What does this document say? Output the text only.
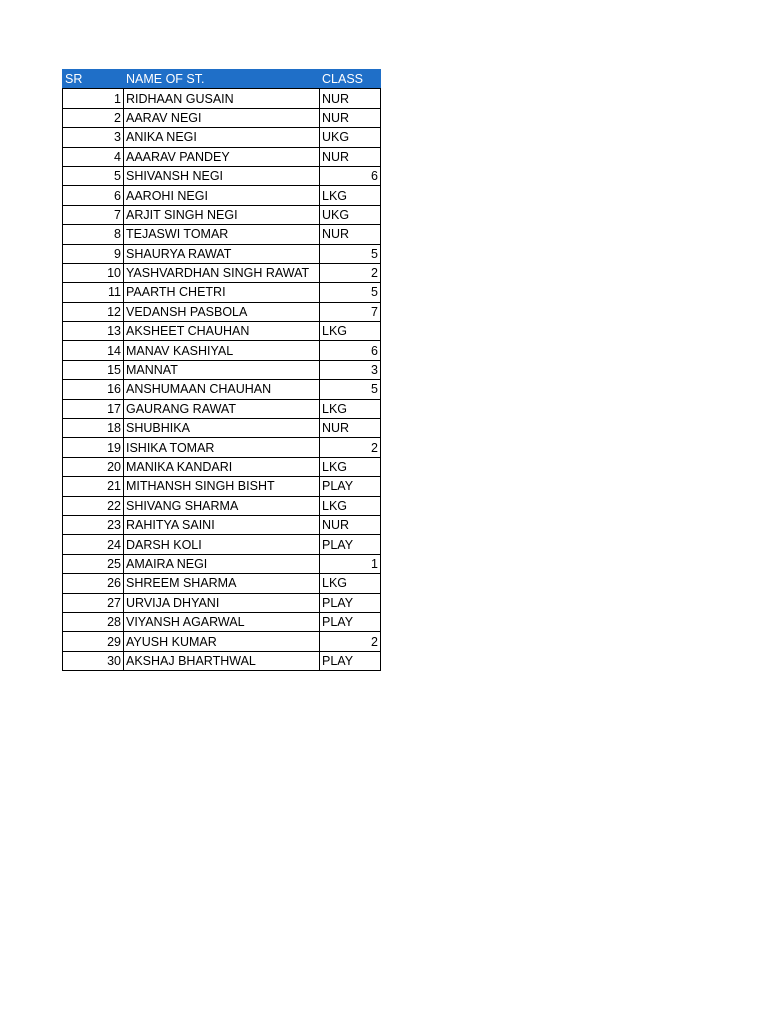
SR	NAME OF ST.	CLASS
1	RIDHAAN GUSAIN	NUR
2	AARAV NEGI	NUR
3	ANIKA NEGI	UKG
4	AAARAV PANDEY	NUR
5	SHIVANSH NEGI	6
6	AAROHI NEGI	LKG
7	ARJIT SINGH NEGI	UKG
8	TEJASWI TOMAR	NUR
9	SHAURYA RAWAT	5
10	YASHVARDHAN SINGH RAWAT	2
11	PAARTH CHETRI	5
12	VEDANSH PASBOLA	7
13	AKSHEET CHAUHAN	LKG
14	MANAV KASHIYAL	6
15	MANNAT	3
16	ANSHUMAAN CHAUHAN	5
17	GAURANG RAWAT	LKG
18	SHUBHIKA	NUR
19	ISHIKA TOMAR	2
20	MANIKA KANDARI	LKG
21	MITHANSH SINGH BISHT	PLAY
22	SHIVANG SHARMA	LKG
23	RAHITYA SAINI	NUR
24	DARSH KOLI	PLAY
25	AMAIRA NEGI	1
26	SHREEM SHARMA	LKG
27	URVIJA DHYANI	PLAY
28	VIYANSH AGARWAL	PLAY
29	AYUSH KUMAR	2
30	AKSHAJ BHARTHWAL	PLAY
